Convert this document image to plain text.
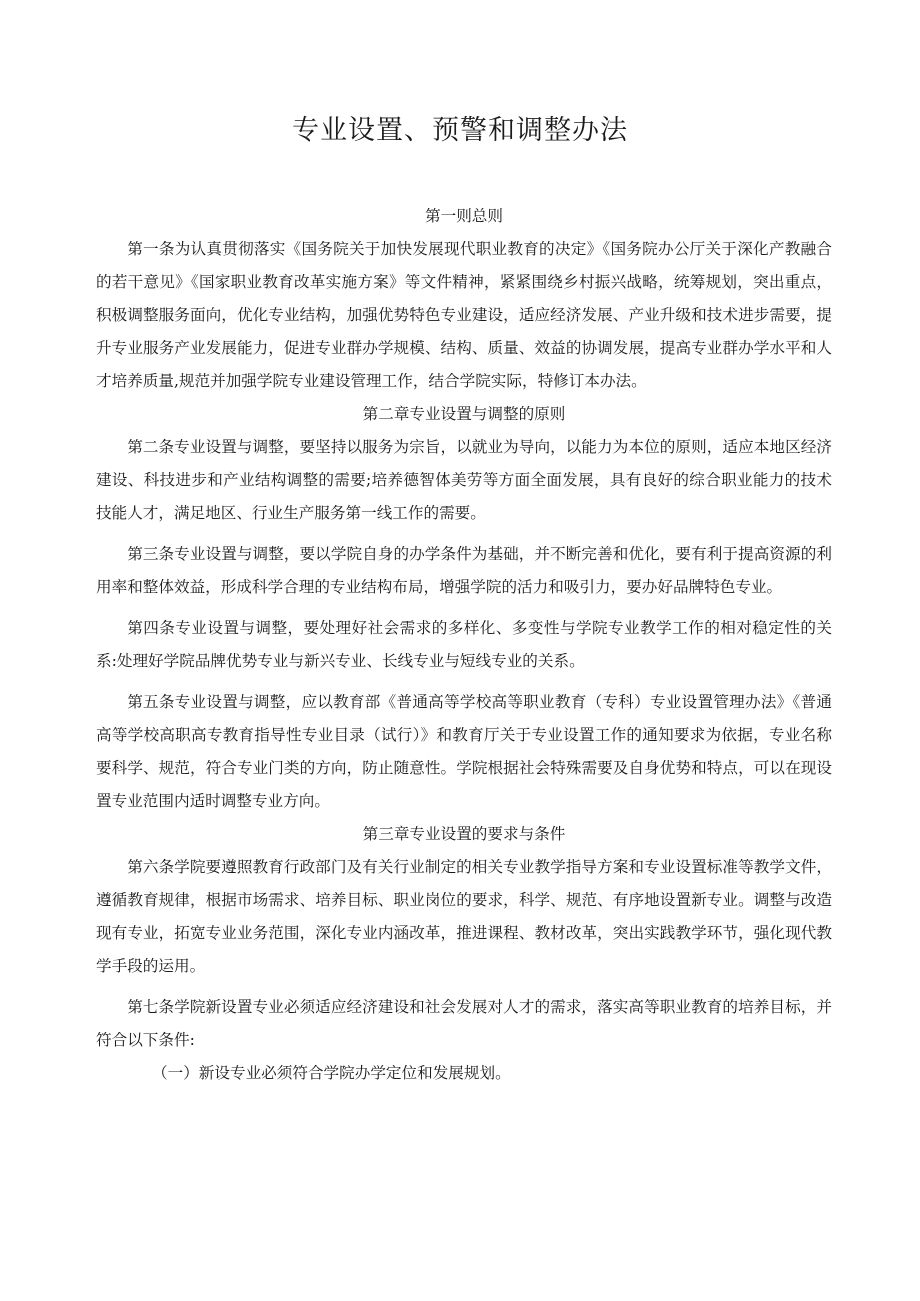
专业设置、预警和调整办法

第一则总则

第一条为认真贯彻落实《国务院关于加快发展现代职业教育的决定》《国务院办公厅关于深化产教融合的若干意见》《国家职业教育改革实施方案》等文件精神，紧紧围绕乡村振兴战略，统筹规划，突出重点，积极调整服务面向，优化专业结构，加强优势特色专业建设，适应经济发展、产业升级和技术进步需要，提升专业服务产业发展能力，促进专业群办学规模、结构、质量、效益的协调发展，提高专业群办学水平和人才培养质量,规范并加强学院专业建设管理工作，结合学院实际，特修订本办法。

第二章专业设置与调整的原则

第二条专业设置与调整，要坚持以服务为宗旨，以就业为导向，以能力为本位的原则，适应本地区经济建设、科技进步和产业结构调整的需要;培养德智体美劳等方面全面发展，具有良好的综合职业能力的技术技能人才，满足地区、行业生产服务第一线工作的需要。

第三条专业设置与调整，要以学院自身的办学条件为基础，并不断完善和优化，要有利于提高资源的利用率和整体效益，形成科学合理的专业结构布局，增强学院的活力和吸引力，要办好品牌特色专业。

第四条专业设置与调整，要处理好社会需求的多样化、多变性与学院专业教学工作的相对稳定性的关系:处理好学院品牌优势专业与新兴专业、长线专业与短线专业的关系。

第五条专业设置与调整，应以教育部《普通高等学校高等职业教育（专科）专业设置管理办法》《普通高等学校高职高专教育指导性专业目录（试行）》和教育厅关于专业设置工作的通知要求为依据，专业名称要科学、规范，符合专业门类的方向，防止随意性。学院根据社会特殊需要及自身优势和特点，可以在现设置专业范围内适时调整专业方向。

第三章专业设置的要求与条件

第六条学院要遵照教育行政部门及有关行业制定的相关专业教学指导方案和专业设置标准等教学文件，遵循教育规律，根据市场需求、培养目标、职业岗位的要求，科学、规范、有序地设置新专业。调整与改造现有专业，拓宽专业业务范围，深化专业内涵改革，推进课程、教材改革，突出实践教学环节，强化现代教学手段的运用。

第七条学院新设置专业必须适应经济建设和社会发展对人才的需求，落实高等职业教育的培养目标，并符合以下条件:

（一）新设专业必须符合学院办学定位和发展规划。
